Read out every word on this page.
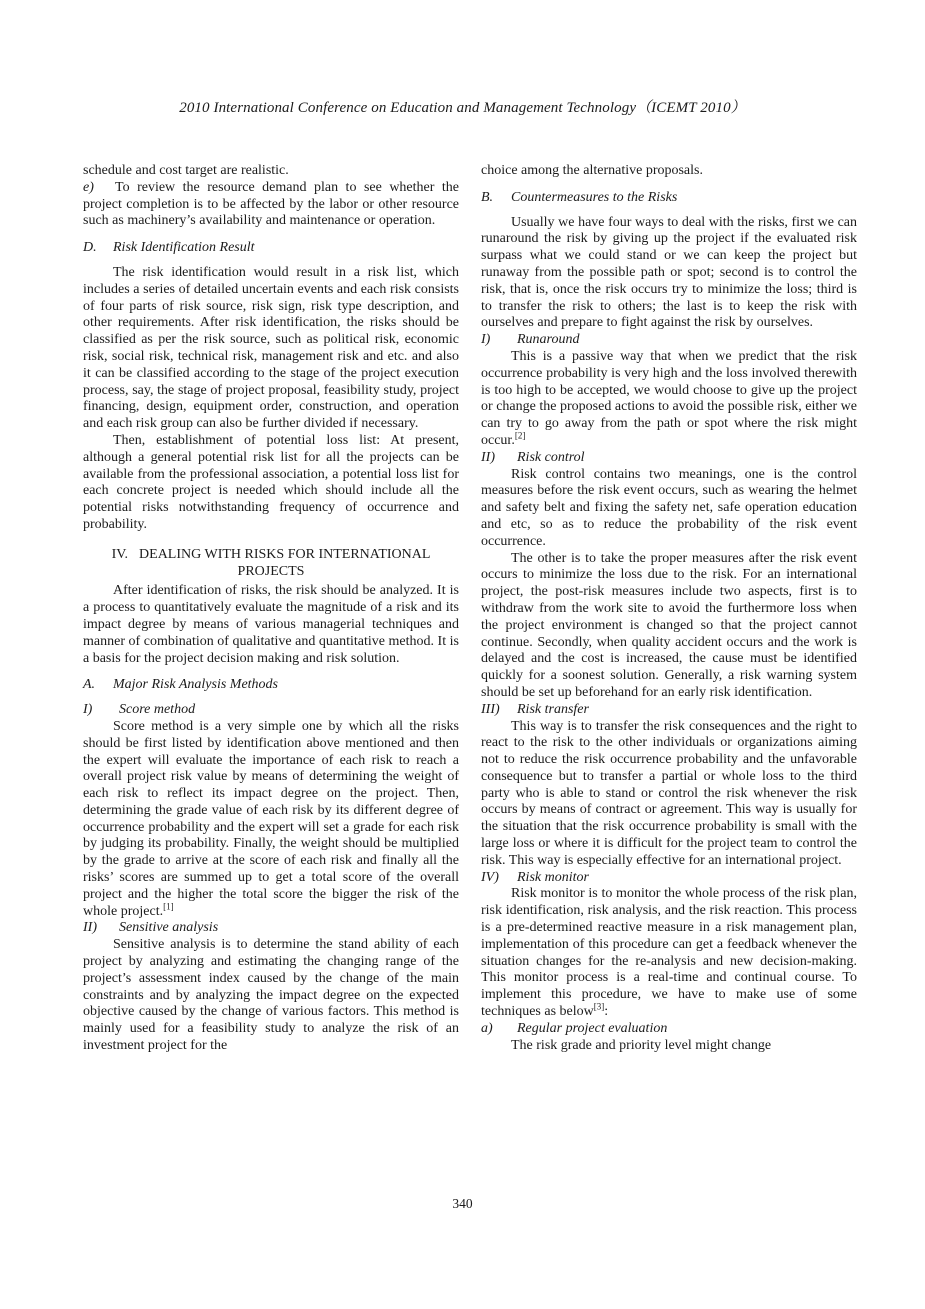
2010 International Conference on Education and Management Technology（ICEMT 2010）

schedule and cost target are realistic.

e) To review the resource demand plan to see whether the project completion is to be affected by the labor or other resource such as machinery’s availability and maintenance or operation.

D. Risk Identification Result

The risk identification would result in a risk list, which includes a series of detailed uncertain events and each risk consists of four parts of risk source, risk sign, risk type description, and other requirements. After risk identification, the risks should be classified as per the risk source, such as political risk, economic risk, social risk, technical risk, management risk and etc. and also it can be classified according to the stage of the project execution process, say, the stage of project proposal, feasibility study, project financing, design, equipment order, construction, and operation and each risk group can also be further divided if necessary.

Then, establishment of potential loss list: At present, although a general potential risk list for all the projects can be available from the professional association, a potential loss list for each concrete project is needed which should include all the potential risks notwithstanding frequency of occurrence and probability.

IV. DEALING WITH RISKS FOR INTERNATIONAL PROJECTS

After identification of risks, the risk should be analyzed. It is a process to quantitatively evaluate the magnitude of a risk and its impact degree by means of various managerial techniques and manner of combination of qualitative and quantitative method. It is a basis for the project decision making and risk solution.

A. Major Risk Analysis Methods
I) Score method

Score method is a very simple one by which all the risks should be first listed by identification above mentioned and then the expert will evaluate the importance of each risk to reach a overall project risk value by means of determining the weight of each risk to reflect its impact degree on the project. Then, determining the grade value of each risk by its different degree of occurrence probability and the expert will set a grade for each risk by judging its probability. Finally, the weight should be multiplied by the grade to arrive at the score of each risk and finally all the risks’ scores are summed up to get a total score of the overall project and the higher the total score the bigger the risk of the whole project.[1]

II) Sensitive analysis

Sensitive analysis is to determine the stand ability of each project by analyzing and estimating the changing range of the project’s assessment index caused by the change of the main constraints and by analyzing the impact degree on the expected objective caused by the change of various factors. This method is mainly used for a feasibility study to analyze the risk of an investment project for the

choice among the alternative proposals.

B. Countermeasures to the Risks

Usually we have four ways to deal with the risks, first we can runaround the risk by giving up the project if the evaluated risk surpass what we could stand or we can keep the project but runaway from the possible path or spot; second is to control the risk, that is, once the risk occurs try to minimize the loss; third is to transfer the risk to others; the last is to keep the risk with ourselves and prepare to fight against the risk by ourselves.

I) Runaround

This is a passive way that when we predict that the risk occurrence probability is very high and the loss involved therewith is too high to be accepted, we would choose to give up the project or change the proposed actions to avoid the possible risk, either we can try to go away from the path or spot where the risk might occur.[2]

II) Risk control

Risk control contains two meanings, one is the control measures before the risk event occurs, such as wearing the helmet and safety belt and fixing the safety net, safe operation education and etc, so as to reduce the probability of the risk event occurrence.

The other is to take the proper measures after the risk event occurs to minimize the loss due to the risk. For an international project, the post-risk measures include two aspects, first is to withdraw from the work site to avoid the furthermore loss when the project environment is changed so that the project cannot continue. Secondly, when quality accident occurs and the work is delayed and the cost is increased, the cause must be identified quickly for a soonest solution. Generally, a risk warning system should be set up beforehand for an early risk identification.

III) Risk transfer

This way is to transfer the risk consequences and the right to react to the risk to the other individuals or organizations aiming not to reduce the risk occurrence probability and the unfavorable consequence but to transfer a partial or whole loss to the third party who is able to stand or control the risk whenever the risk occurs by means of contract or agreement. This way is usually for the situation that the risk occurrence probability is small with the large loss or where it is difficult for the project team to control the risk. This way is especially effective for an international project.

IV) Risk monitor

Risk monitor is to monitor the whole process of the risk plan, risk identification, risk analysis, and the risk reaction. This process is a pre-determined reactive measure in a risk management plan, implementation of this procedure can get a feedback whenever the situation changes for the re-analysis and new decision-making. This monitor process is a real-time and continual course. To implement this procedure, we have to make use of some techniques as below[3]:

a) Regular project evaluation

The risk grade and priority level might change

340
